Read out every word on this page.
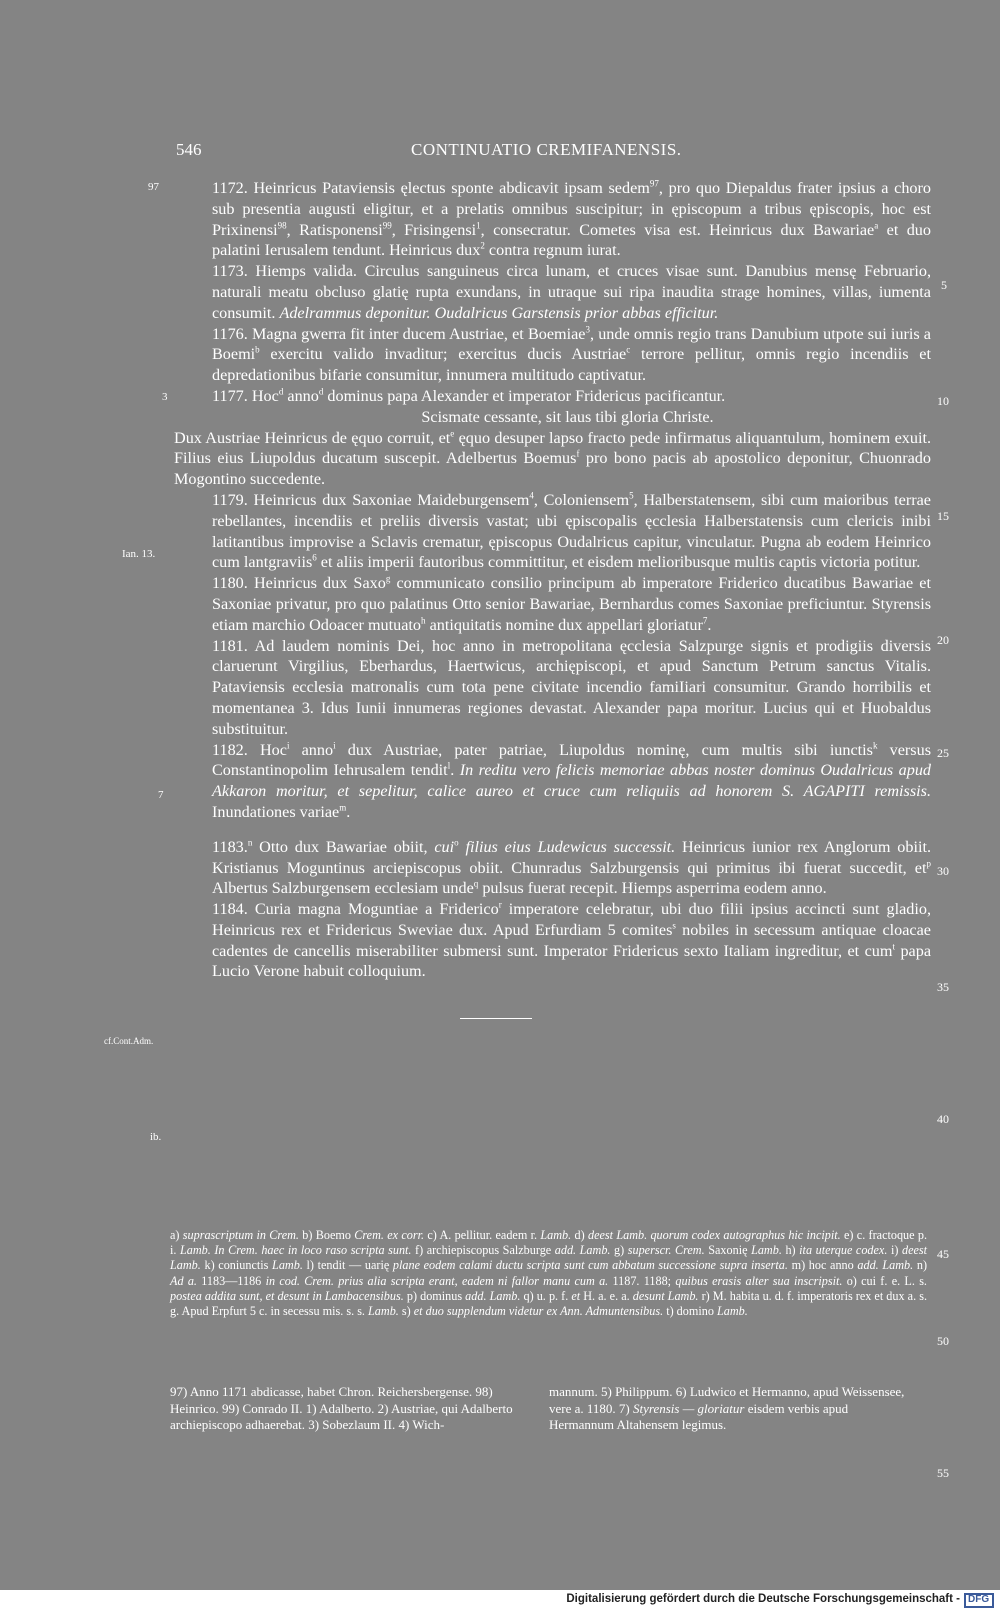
546	CONTINUATIO CREMIFANENSIS.

1172. Heinricus Pataviensis ęlectus sponte abdicavit ipsam sedem$^{97}$, pro quo Diepaldus frater ipsius a choro sub presentia augusti eligitur, et a prelatis omnibus suscipitur; in ępiscopum a tribus ępiscopis, hoc est Prixinensi$^{98}$, Ratisponensi$^{99}$, Frisingensi$^1$, consecratur. Cometes visa est. Heinricus dux Bawariae$^a$ et duo palatini Ierusalem tendunt. Heinricus dux$^2$ contra regnum iurat.

1173. Hiemps valida. Circulus sanguineus circa lunam, et cruces visae sunt. Danubius mensę Februario, naturali meatu obcluso glatię rupta exundans, in utraque sui ripa inaudita strage homines, villas, iumenta consumit. Adelrammus deponitur. Oudalricus Garstensis prior abbas efficitur.

1176. Magna gwerra fit inter ducem Austriae, et Boemiae$^3$, unde omnis regio trans Danubium utpote sui iuris a Boemi$^b$ exercitu valido invaditur; exercitus ducis Austriae$^c$ terrore pellitur, omnis regio incendiis et depredationibus bifarie consumitur, innumera multitudo captivatur.

1177. Hoc$^d$ anno$^d$ dominus papa Alexander et imperator Fridericus pacificantur.

Scismate cessante, sit laus tibi gloria Christe.

Dux Austriae Heinricus de ęquo corruit, $et^e$ ęquo desuper lapso fracto pede infirmatus aliquantulum, hominem exuit. Filius eius Liupoldus ducatum suscepit. Adelbertus Boemus$^f$ pro bono pacis ab apostolico deponitur, Chuonrado Mogontino succedente.

1179. Heinricus dux Saxoniae Maideburgensem$^4$, Coloniensem$^5$, Halberstatensem, sibi cum maioribus terrae rebellantes, incendiis et preliis diversis vastat; ubi ępiscopalis ęcclesia Halberstatensis cum clericis inibi latitantibus improvise a Sclavis crematur, ępiscopus Oudalricus capitur, vinculatur. Pugna ab eodem Heinrico cum lantgraviis$^6$ et aliis imperii fautoribus committitur, et eisdem melioribusque multis captis victoria potitur.

1180. Heinricus dux Saxo$^g$ communicato consilio principum ab imperatore Friderico ducatibus Bawariae et Saxoniae privatur, pro quo palatinus Otto senior Bawariae, Bernhardus comes Saxoniae preficiuntur. Styrensis etiam marchio Odoacer mutuato$^h$ antiquitatis nomine dux appellari gloriatur$^7$.

1181. Ad laudem nominis Dei, hoc anno in metropolitana ęcclesia Salzpurge signis et prodigiis diversis claruerunt Virgilius, Eberhardus, Haertwicus, archiępiscopi, et apud Sanctum Petrum sanctus Vitalis. Pataviensis ecclesia matronalis cum tota pene civitate incendio famiIiari consumitur. Grando horribilis et momentanea 3. Idus Iunii innumeras regiones devastat. Alexander papa moritur. Lucius qui et Huobaldus substituitur.

1182. Hoc$^i$ anno$^i$ dux Austriae, pater patriae, Liupoldus nominę, cum multis sibi iunctis$^k$ versus Constantinopolim Iehrusalem tendit$^l$. In reditu vero felicis memoriae abbas noster dominus Oudalricus apud Akkaron moritur, et sepelitur, calice aureo et cruce cum reliquiis ad honorem S. AGAPITI remissis. Inundationes variae$^m$.

1183.$^n$ Otto dux Bawariae obiit, cui$^o$ filius eius Ludewicus successit. Heinricus iunior rex Anglorum obiit. Kristianus Moguntinus arciepiscopus obiit. Chunradus Salzburgensis qui primitus ibi fuerat succedit, $et^p$ Albertus Salzburgensem ecclesiam unde$^q$ pulsus fuerat recepit. Hiemps asperrima eodem anno.

1184. Curia magna Moguntiae a Friderico$^r$ imperatore celebratur, ubi duo filii ipsius accincti sunt gladio, Heinricus rex et Fridericus Sweviae dux. Apud Erfurdiam 5 comites$^s$ nobiles in secessum antiquae cloacae cadentes de cancellis miserabiliter submersi sunt. Imperator Fridericus sexto Italiam ingreditur, et cum$^t$ papa Lucio Verone habuit colloquium.

97
3
Ian. 13.
7
cf.Cont.Adm.
ib.
5
10
15
20
25
30
35
40
45
50
55
a) suprascriptum in Crem. b) Boemo Crem. ex corr. c) A. pellitur. eadem r. Lamb. d) deest Lamb. quorum codex autographus hic incipit. e) c. fractoque p. i. Lamb. In Crem. haec in loco raso scripta sunt. f) archiepiscopus Salzburge add. Lamb. g) superscr. Crem. Saxonię Lamb. h) ita uterque codex. i) deest Lamb. k) coniunctis Lamb. l) tendit — uarię plane eodem calami ductu scripta sunt cum abbatum successione supra inserta. m) hoc anno add. Lamb. n) Ad a. 1183—1186 in cod. Crem. prius alia scripta erant, eadem ni fallor manu cum a. 1187. 1188; quibus erasis alter sua inscripsit. o) cui f. e. L. s. postea addita sunt, et desunt in Lambacensibus. p) dominus add. Lamb. q) u. p. f. et H. a. e. a. desunt Lamb. r) M. habita u. d. f. imperatoris rex et dux a. s. g. Apud Erpfurt 5 c. in secessu mis. s. s. Lamb. s) et duo supplendum videtur ex Ann. Admuntensibus. t) domino Lamb.
97) Anno 1171 abdicasse, habet Chron. Reichersbergense. 98) Heinrico. 99) Conrado II. 1) Adalberto. 2) Austriae, qui Adalberto archiepiscopo adhaerebat. 3) Sobezlaum II. 4) Wich-
mannum. 5) Philippum. 6) Ludwico et Hermanno, apud Weissensee, vere a. 1180. 7) Styrensis — gloriatur eisdem verbis apud Hermannum Altahensem legimus.
Digitalisierung gefördert durch die Deutsche Forschungsgemeinschaft - DFG
